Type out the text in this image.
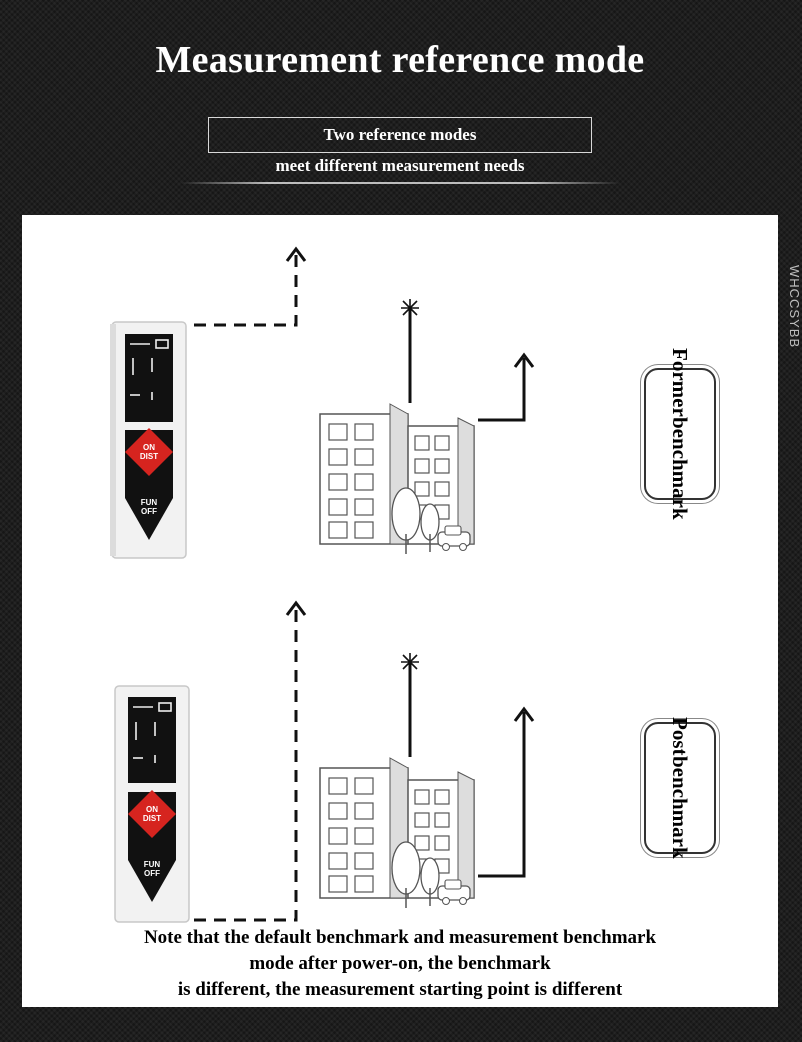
Measurement reference mode
Two reference modes
meet different measurement needs
WHCCSYBB
ON
DIST
FUN
OFF
ON
DIST
FUN
OFF
Former
benchmark
Post
benchmark
Note that the default benchmark and measurement benchmark
mode after power-on, the benchmark
is different, the measurement starting point is different
